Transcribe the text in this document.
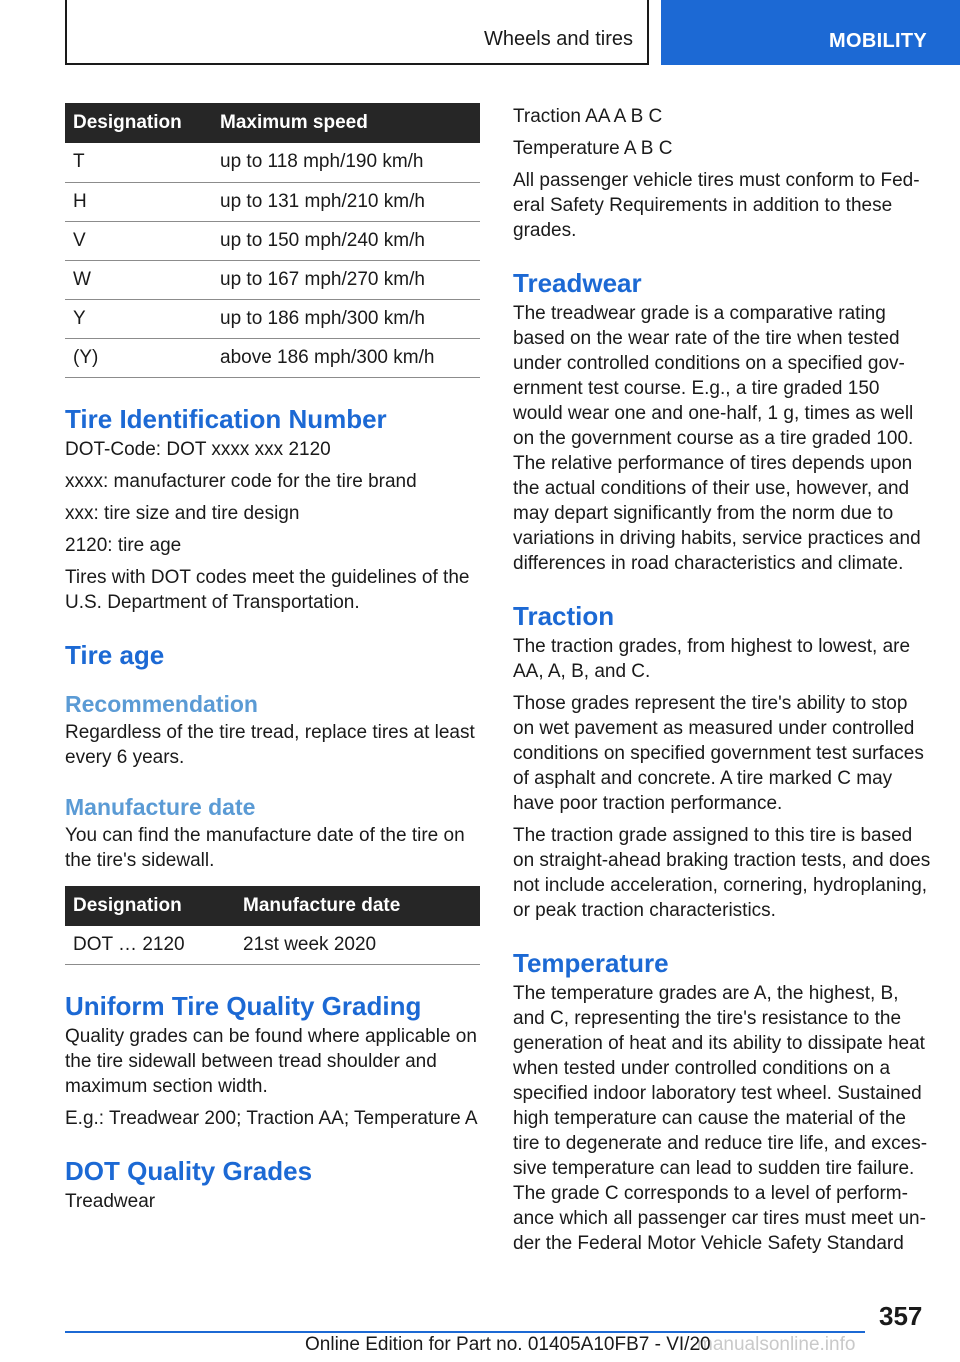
Wheels and tires	MOBILITY
Designation	Maximum speed
T	up to 118 mph/190 km/h
H	up to 131 mph/210 km/h
V	up to 150 mph/240 km/h
W	up to 167 mph/270 km/h
Y	up to 186 mph/300 km/h
(Y)	above 186 mph/300 km/h
Tire Identification Number

DOT-Code: DOT xxxx xxx 2120

xxxx: manufacturer code for the tire brand

xxx: tire size and tire design

2120: tire age

Tires with DOT codes meet the guidelines of the U.S. Department of Transportation.

Tire age
Recommendation

Regardless of the tire tread, replace tires at least every 6 years.

Manufacture date

You can find the manufacture date of the tire on the tire's sidewall.

Designation	Manufacture date
DOT … 2120	21st week 2020
Uniform Tire Quality Grading

Quality grades can be found where applicable on the tire sidewall between tread shoulder and maximum section width.

E.g.: Treadwear 200; Traction AA; Temperature A

DOT Quality Grades

Treadwear

Traction AA A B C

Temperature A B C

All passenger vehicle tires must conform to Federal Safety Requirements in addition to these grades.

Treadwear

The treadwear grade is a comparative rating based on the wear rate of the tire when tested under controlled conditions on a specified government test course. E.g., a tire graded 150 would wear one and one-half, 1 g, times as well on the government course as a tire graded 100. The relative performance of tires depends upon the actual conditions of their use, however, and may depart significantly from the norm due to variations in driving habits, service practices and differences in road characteristics and climate.

Traction

The traction grades, from highest to lowest, are AA, A, B, and C.

Those grades represent the tire's ability to stop on wet pavement as measured under controlled conditions on specified government test surfaces of asphalt and concrete. A tire marked C may have poor traction performance.

The traction grade assigned to this tire is based on straight-ahead braking traction tests, and does not include acceleration, cornering, hydroplaning, or peak traction characteristics.

Temperature

The temperature grades are A, the highest, B, and C, representing the tire's resistance to the generation of heat and its ability to dissipate heat when tested under controlled conditions on a specified indoor laboratory test wheel. Sustained high temperature can cause the material of the tire to degenerate and reduce tire life, and excessive temperature can lead to sudden tire failure. The grade C corresponds to a level of performance which all passenger car tires must meet under the Federal Motor Vehicle Safety Standard

357
manualsonline.info
Online Edition for Part no. 01405A10FB7 - VI/20
